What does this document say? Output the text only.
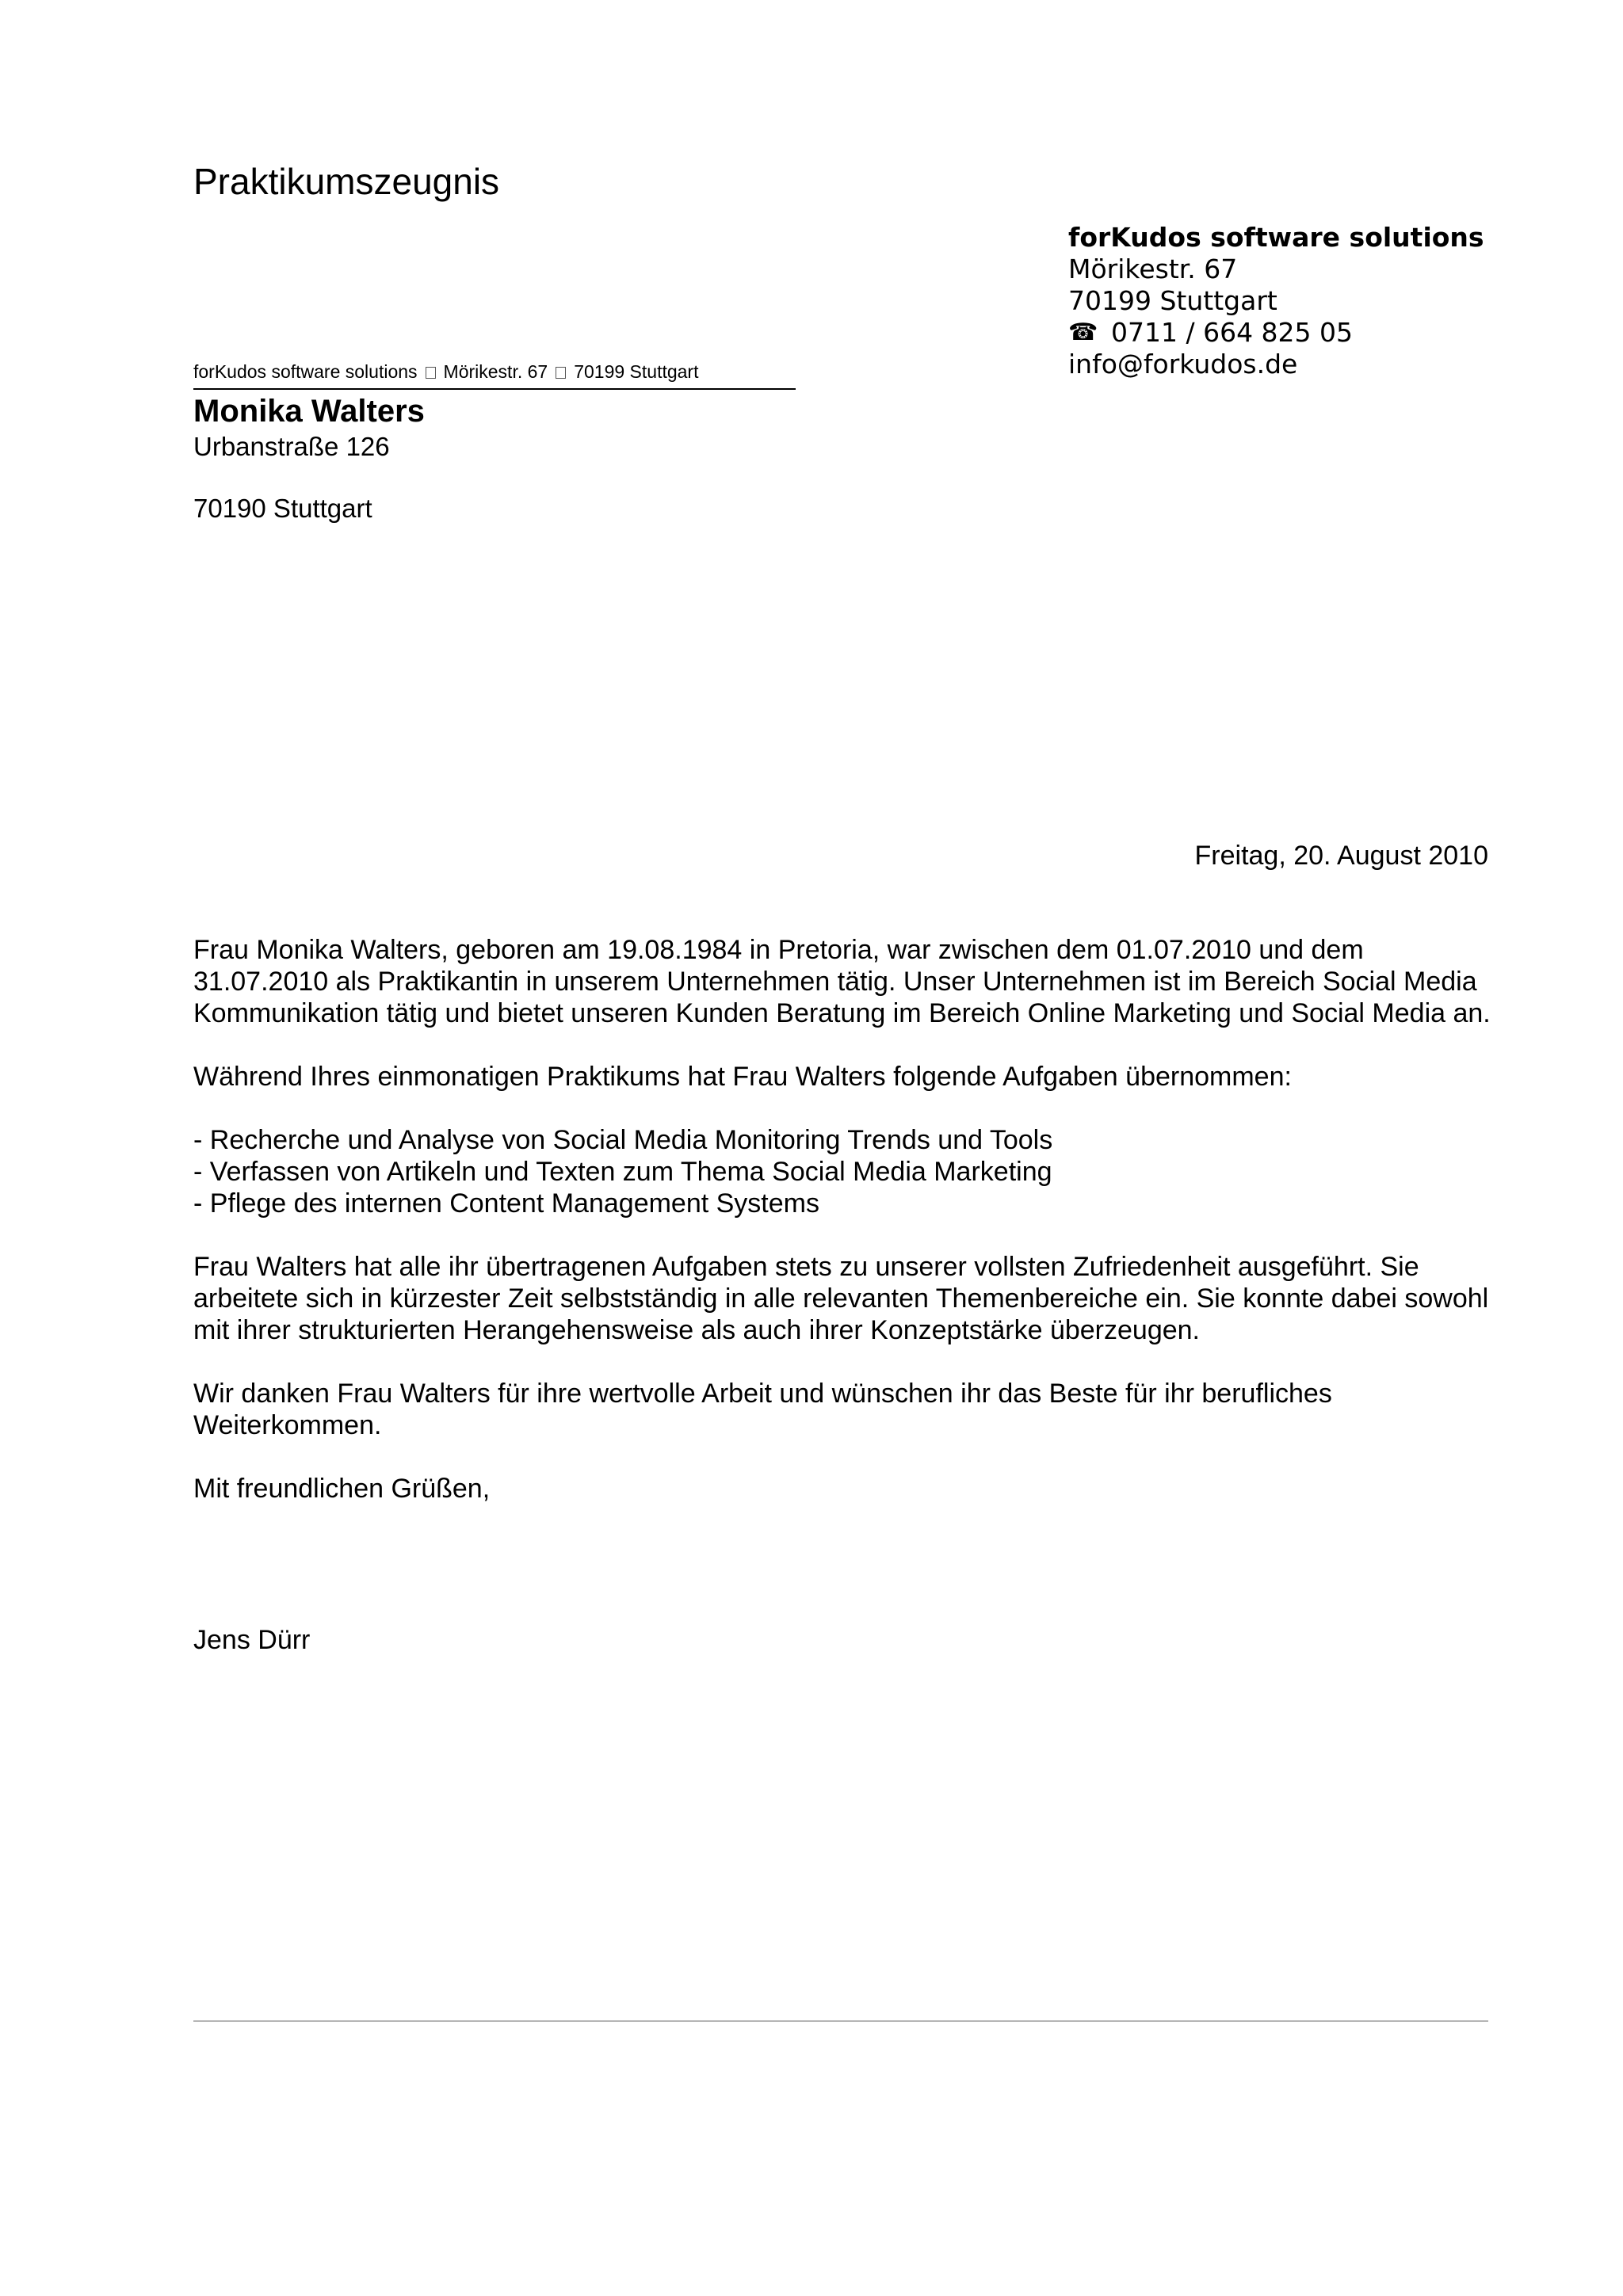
Praktikumszeugnis
forKudos software solutions
Mörikestr. 67
70199 Stuttgart
☎ 0711 / 664 825 05
info@forkudos.de
forKudos software solutions Mörikestr. 67 70199 Stuttgart
Monika Walters
Urbanstraße 126
70190 Stuttgart
Freitag, 20. August 2010

Frau Monika Walters, geboren am 19.08.1984 in Pretoria, war zwischen dem 01.07.2010 und dem 31.07.2010 als Praktikantin in unserem Unternehmen tätig. Unser Unternehmen ist im Bereich Social Media Kommunikation tätig und bietet unseren Kunden Beratung im Bereich Online Marketing und Social Media an.

Während Ihres einmonatigen Praktikums hat Frau Walters folgende Aufgaben übernommen:

- Recherche und Analyse von Social Media Monitoring Trends und Tools
- Verfassen von Artikeln und Texten zum Thema Social Media Marketing
- Pflege des internen Content Management Systems

Frau Walters hat alle ihr übertragenen Aufgaben stets zu unserer vollsten Zufriedenheit ausgeführt. Sie arbeitete sich in kürzester Zeit selbstständig in alle relevanten Themenbereiche ein. Sie konnte dabei sowohl mit ihrer strukturierten Herangehensweise als auch ihrer Konzeptstärke überzeugen.

Wir danken Frau Walters für ihre wertvolle Arbeit und wünschen ihr das Beste für ihr berufliches Weiterkommen.

Mit freundlichen Grüßen,

Jens Dürr
